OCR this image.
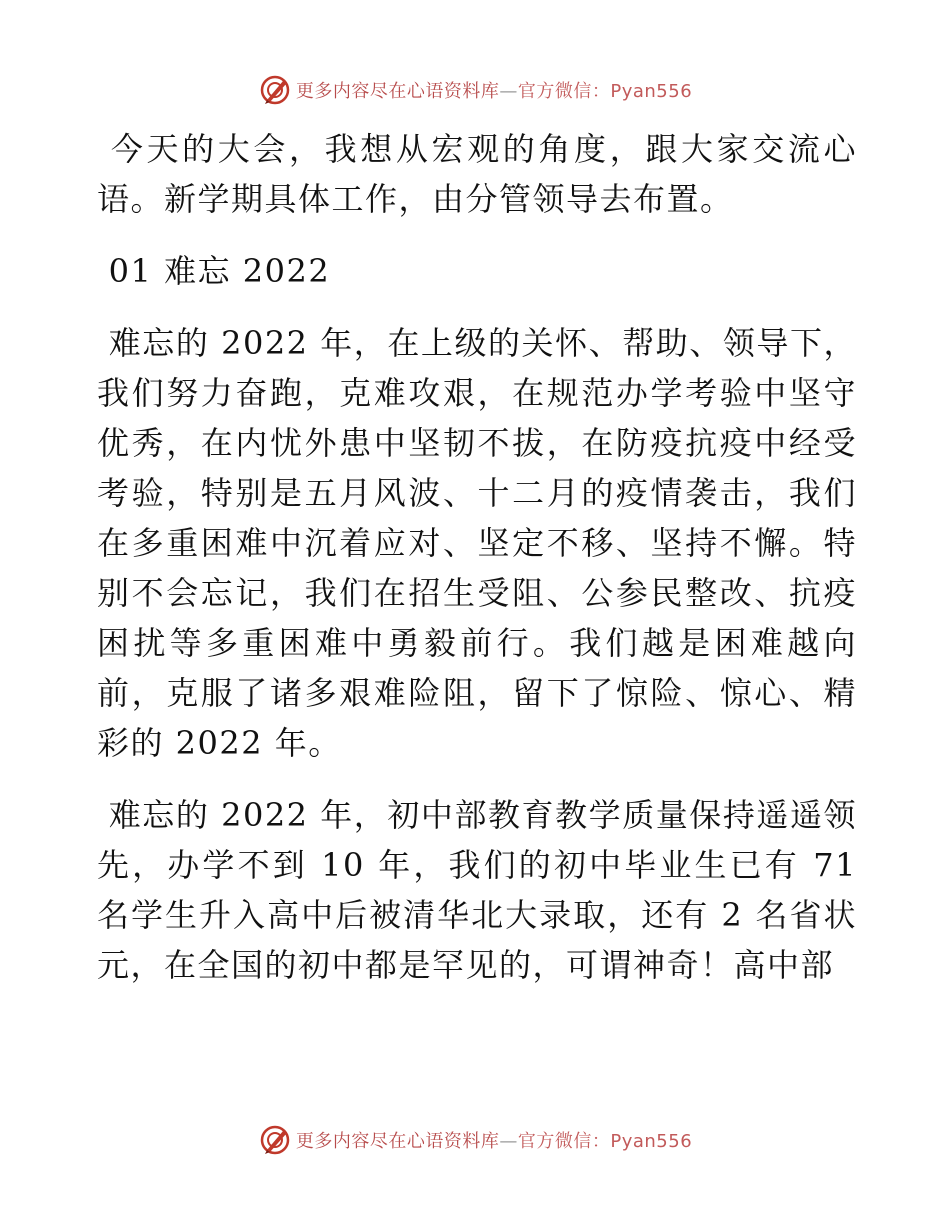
更多内容尽在心语资料库—官方微信：Pyan556

今天的大会，我想从宏观的角度，跟大家交流心语。新学期具体工作，由分管领导去布置。

01 难忘 2022

难忘的 2022 年，在上级的关怀、帮助、领导下，我们努力奋跑，克难攻艰，在规范办学考验中坚守优秀，在内忧外患中坚韧不拔，在防疫抗疫中经受考验，特别是五月风波、十二月的疫情袭击，我们在多重困难中沉着应对、坚定不移、坚持不懈。特别不会忘记，我们在招生受阻、公参民整改、抗疫困扰等多重困难中勇毅前行。我们越是困难越向前，克服了诸多艰难险阻，留下了惊险、惊心、精彩的 2022 年。

难忘的 2022 年，初中部教育教学质量保持遥遥领先，办学不到 10 年，我们的初中毕业生已有 71 名学生升入高中后被清华北大录取，还有 2 名省状元，在全国的初中都是罕见的，可谓神奇！高中部

更多内容尽在心语资料库—官方微信：Pyan556
